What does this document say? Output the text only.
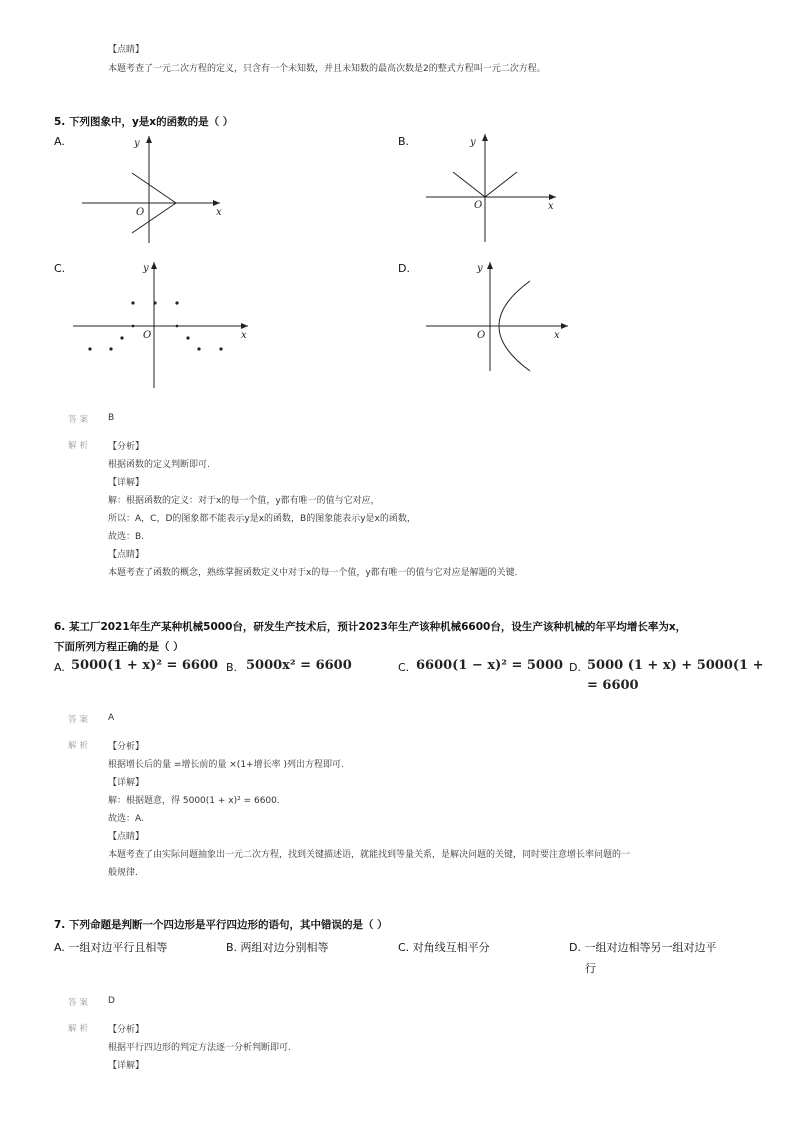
【点睛】
本题考查了一元二次方程的定义，只含有一个未知数，并且未知数的最高次数是2的整式方程叫一元二次方程。
5. 下列图象中，y是x的函数的是（ ）
A.	B.
C.	D.
y
x
O
y
x
O
y
x
O
y
x
O
答案 B
解析 【分析】
根据函数的定义判断即可.
【详解】
解：根据函数的定义：对于x的每一个值，y都有唯一的值与它对应，
所以：A，C，D的图象都不能表示y是x的函数，B的图象能表示y是x的函数，
故选：B.
【点睛】
本题考查了函数的概念，熟练掌握函数定义中对于x的每一个值，y都有唯一的值与它对应是解题的关键.
6. 某工厂2021年生产某种机械5000台，研发生产技术后，预计2023年生产该种机械6600台，设生产该种机械的年平均增长率为x，
下面所列方程正确的是（ ）
A. 5000(1 + x)² = 6600 B. 5000x² = 6600	C. 6600(1 − x)² = 5000 D. 5000 (1 + x) + 5000(1 +
= 6600
答案 A
解析 【分析】
根据增长后的量 =增长前的量 ×(1+增长率 )列出方程即可.
【详解】
解：根据题意，得 5000(1 + x)² = 6600.
故选：A.
【点睛】
本题考查了由实际问题抽象出一元二次方程，找到关键描述语，就能找到等量关系，是解决问题的关键，同时要注意增长率问题的一
般规律.
7. 下列命题是判断一个四边形是平行四边形的语句，其中错误的是（ ）
A. 一组对边平行且相等	B. 两组对边分别相等	C. 对角线互相平分	D. 一组对边相等另一组对边平
行
答案 D
解析 【分析】
根据平行四边形的判定方法逐一分析判断即可.
【详解】
